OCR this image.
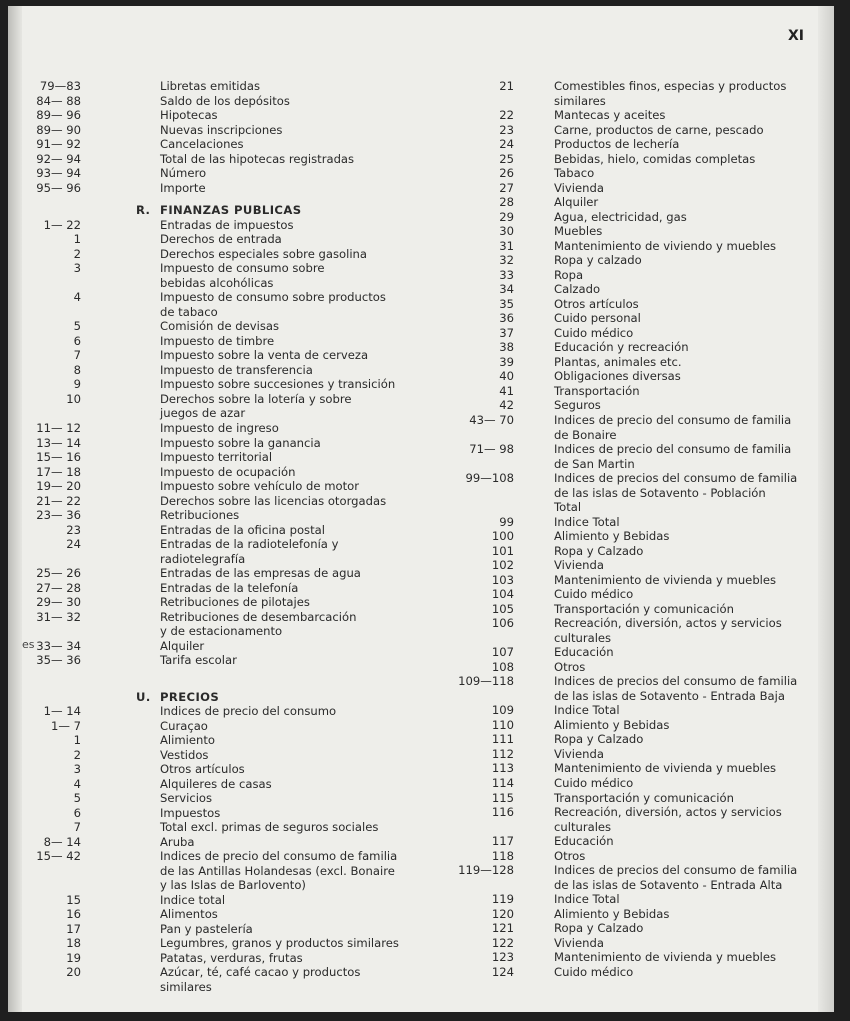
es
XI
79—83	Libretas emitidas
84— 88	Saldo de los depósitos
89— 96	Hipotecas
89— 90	Nuevas inscripciones
91— 92	Cancelaciones
92— 94	Total de las hipotecas registradas
93— 94	Número
95— 96	Importe
R. FINANZAS PUBLICAS
1— 22	Entradas de impuestos
1	Derechos de entrada
2	Derechos especiales sobre gasolina
3	Impuesto de consumo sobre
bebidas alcohólicas
4	Impuesto de consumo sobre productos
de tabaco
5	Comisión de devisas
6	Impuesto de timbre
7	Impuesto sobre la venta de cerveza
8	Impuesto de transferencia
9	Impuesto sobre succesiones y transición
10	Derechos sobre la lotería y sobre
juegos de azar
11— 12	Impuesto de ingreso
13— 14	Impuesto sobre la ganancia
15— 16	Impuesto territorial
17— 18	Impuesto de ocupación
19— 20	Impuesto sobre vehículo de motor
21— 22	Derechos sobre las licencias otorgadas
23— 36	Retribuciones
23	Entradas de la oficina postal
24	Entradas de la radiotelefonía y
radiotelegrafía
25— 26	Entradas de las empresas de agua
27— 28	Entradas de la telefonía
29— 30	Retribuciones de pilotajes
31— 32	Retribuciones de desembarcación
y de estacionamento
33— 34	Alquiler
35— 36	Tarifa escolar
U. PRECIOS
1— 14	Indices de precio del consumo
1— 7	Curaçao
1	Alimiento
2	Vestidos
3	Otros artículos
4	Alquileres de casas
5	Servicios
6	Impuestos
7	Total excl. primas de seguros sociales
8— 14	Aruba
15— 42	Indices de precio del consumo de familia
de las Antillas Holandesas (excl. Bonaire
y las Islas de Barlovento)
15	Indice total
16	Alimentos
17	Pan y pastelería
18	Legumbres, granos y productos similares
19	Patatas, verduras, frutas
20	Azúcar, té, café cacao y productos
similares
21	Comestibles finos, especias y productos
similares
22	Mantecas y aceites
23	Carne, productos de carne, pescado
24	Productos de lechería
25	Bebidas, hielo, comidas completas
26	Tabaco
27	Vivienda
28	Alquiler
29	Agua, electricidad, gas
30	Muebles
31	Mantenimiento de viviendo y muebles
32	Ropa y calzado
33	Ropa
34	Calzado
35	Otros artículos
36	Cuido personal
37	Cuido médico
38	Educación y recreación
39	Plantas, animales etc.
40	Obligaciones diversas
41	Transportación
42	Seguros
43— 70	Indices de precio del consumo de familia
de Bonaire
71— 98	Indices de precio del consumo de familia
de San Martin
99—108	Indices de precios del consumo de familia
de las islas de Sotavento - Población
Total
99	Indice Total
100	Alimiento y Bebidas
101	Ropa y Calzado
102	Vivienda
103	Mantenimiento de vivienda y muebles
104	Cuido médico
105	Transportación y comunicación
106	Recreación, diversión, actos y servicios
culturales
107	Educación
108	Otros
109—118	Indices de precios del consumo de familia
de las islas de Sotavento - Entrada Baja
109	Indice Total
110	Alimiento y Bebidas
111	Ropa y Calzado
112	Vivienda
113	Mantenimiento de vivienda y muebles
114	Cuido médico
115	Transportación y comunicación
116	Recreación, diversión, actos y servicios
culturales
117	Educación
118	Otros
119—128	Indices de precios del consumo de familia
de las islas de Sotavento - Entrada Alta
119	Indice Total
120	Alimiento y Bebidas
121	Ropa y Calzado
122	Vivienda
123	Mantenimiento de vivienda y muebles
124	Cuido médico
